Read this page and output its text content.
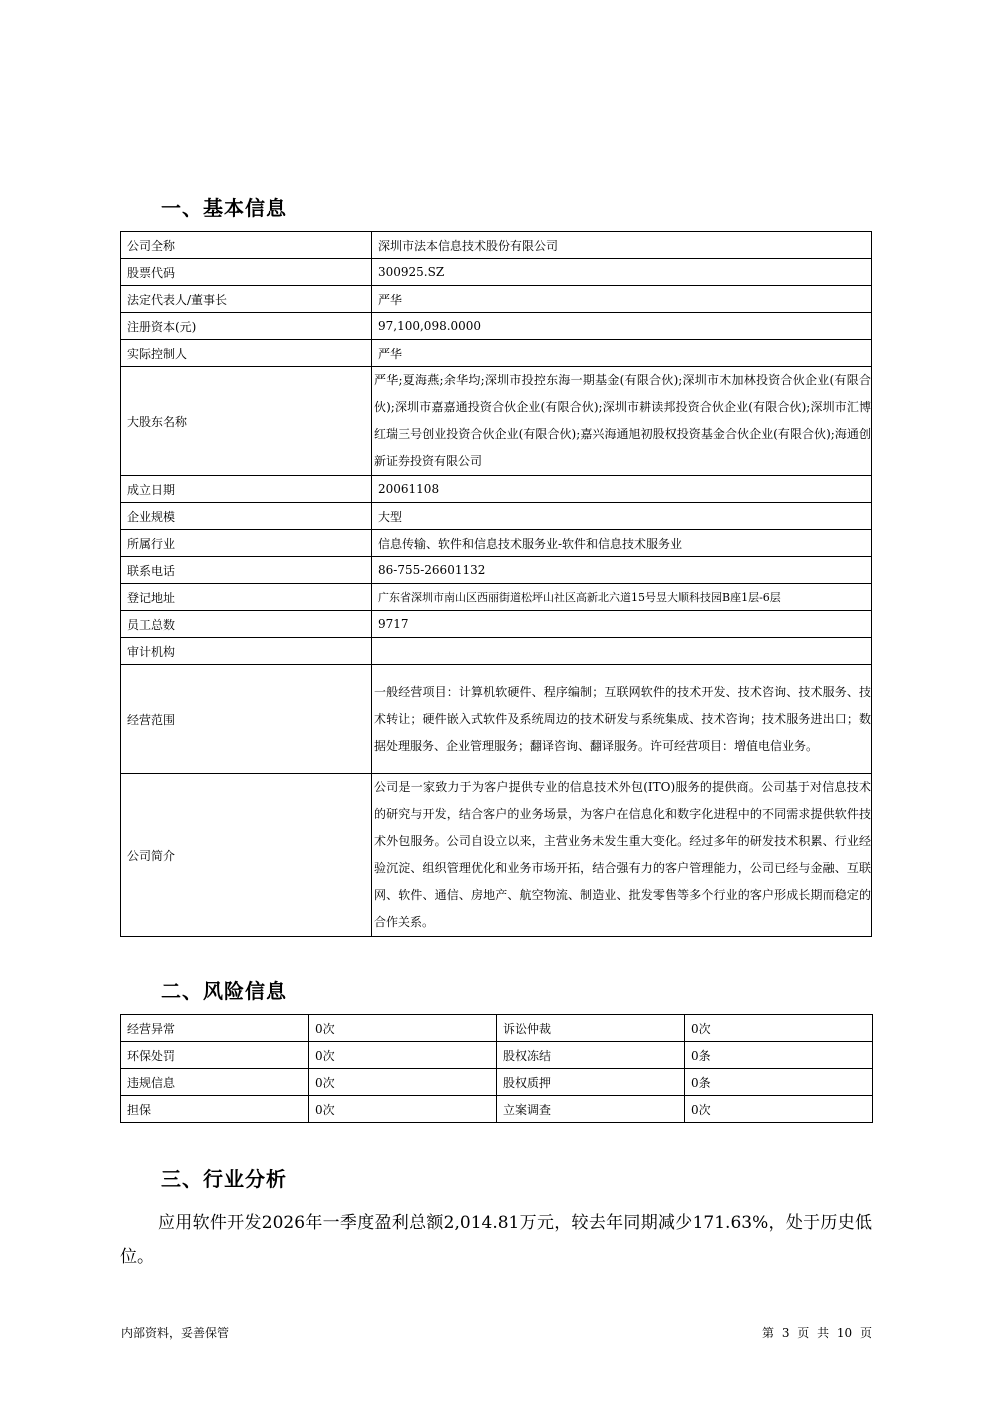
一、基本信息
公司全称	深圳市法本信息技术股份有限公司
股票代码	300925.SZ
法定代表人/董事长	严华
注册资本(元)	97,100,098.0000
实际控制人	严华
大股东名称	严华;夏海燕;余华均;深圳市投控东海一期基金(有限合伙);深圳市木加林投资合伙企业(有限合伙);深圳市嘉嘉通投资合伙企业(有限合伙);深圳市耕读邦投资合伙企业(有限合伙);深圳市汇博红瑞三号创业投资合伙企业(有限合伙);嘉兴海通旭初股权投资基金合伙企业(有限合伙);海通创新证券投资有限公司
成立日期	20061108
企业规模	大型
所属行业	信息传输、软件和信息技术服务业-软件和信息技术服务业
联系电话	86-755-26601132
登记地址	广东省深圳市南山区西丽街道松坪山社区高新北六道15号昱大顺科技园B座1层-6层
员工总数	9717
审计机构	
经营范围	一般经营项目：计算机软硬件、程序编制；互联网软件的技术开发、技术咨询、技术服务、技术转让；硬件嵌入式软件及系统周边的技术研发与系统集成、技术咨询；技术服务进出口；数据处理服务、企业管理服务；翻译咨询、翻译服务。许可经营项目：增值电信业务。
公司简介	公司是一家致力于为客户提供专业的信息技术外包(ITO)服务的提供商。公司基于对信息技术的研究与开发，结合客户的业务场景，为客户在信息化和数字化进程中的不同需求提供软件技术外包服务。公司自设立以来，主营业务未发生重大变化。经过多年的研发技术积累、行业经验沉淀、组织管理优化和业务市场开拓，结合强有力的客户管理能力，公司已经与金融、互联网、软件、通信、房地产、航空物流、制造业、批发零售等多个行业的客户形成长期而稳定的合作关系。
二、风险信息
经营异常	0次	诉讼仲裁	0次
环保处罚	0次	股权冻结	0条
违规信息	0次	股权质押	0条
担保	0次	立案调查	0次
三、行业分析
应用软件开发2026年一季度盈利总额2,014.81万元，较去年同期减少171.63%，处于历史低位。
内部资料，妥善保管	第 3 页 共 10 页
